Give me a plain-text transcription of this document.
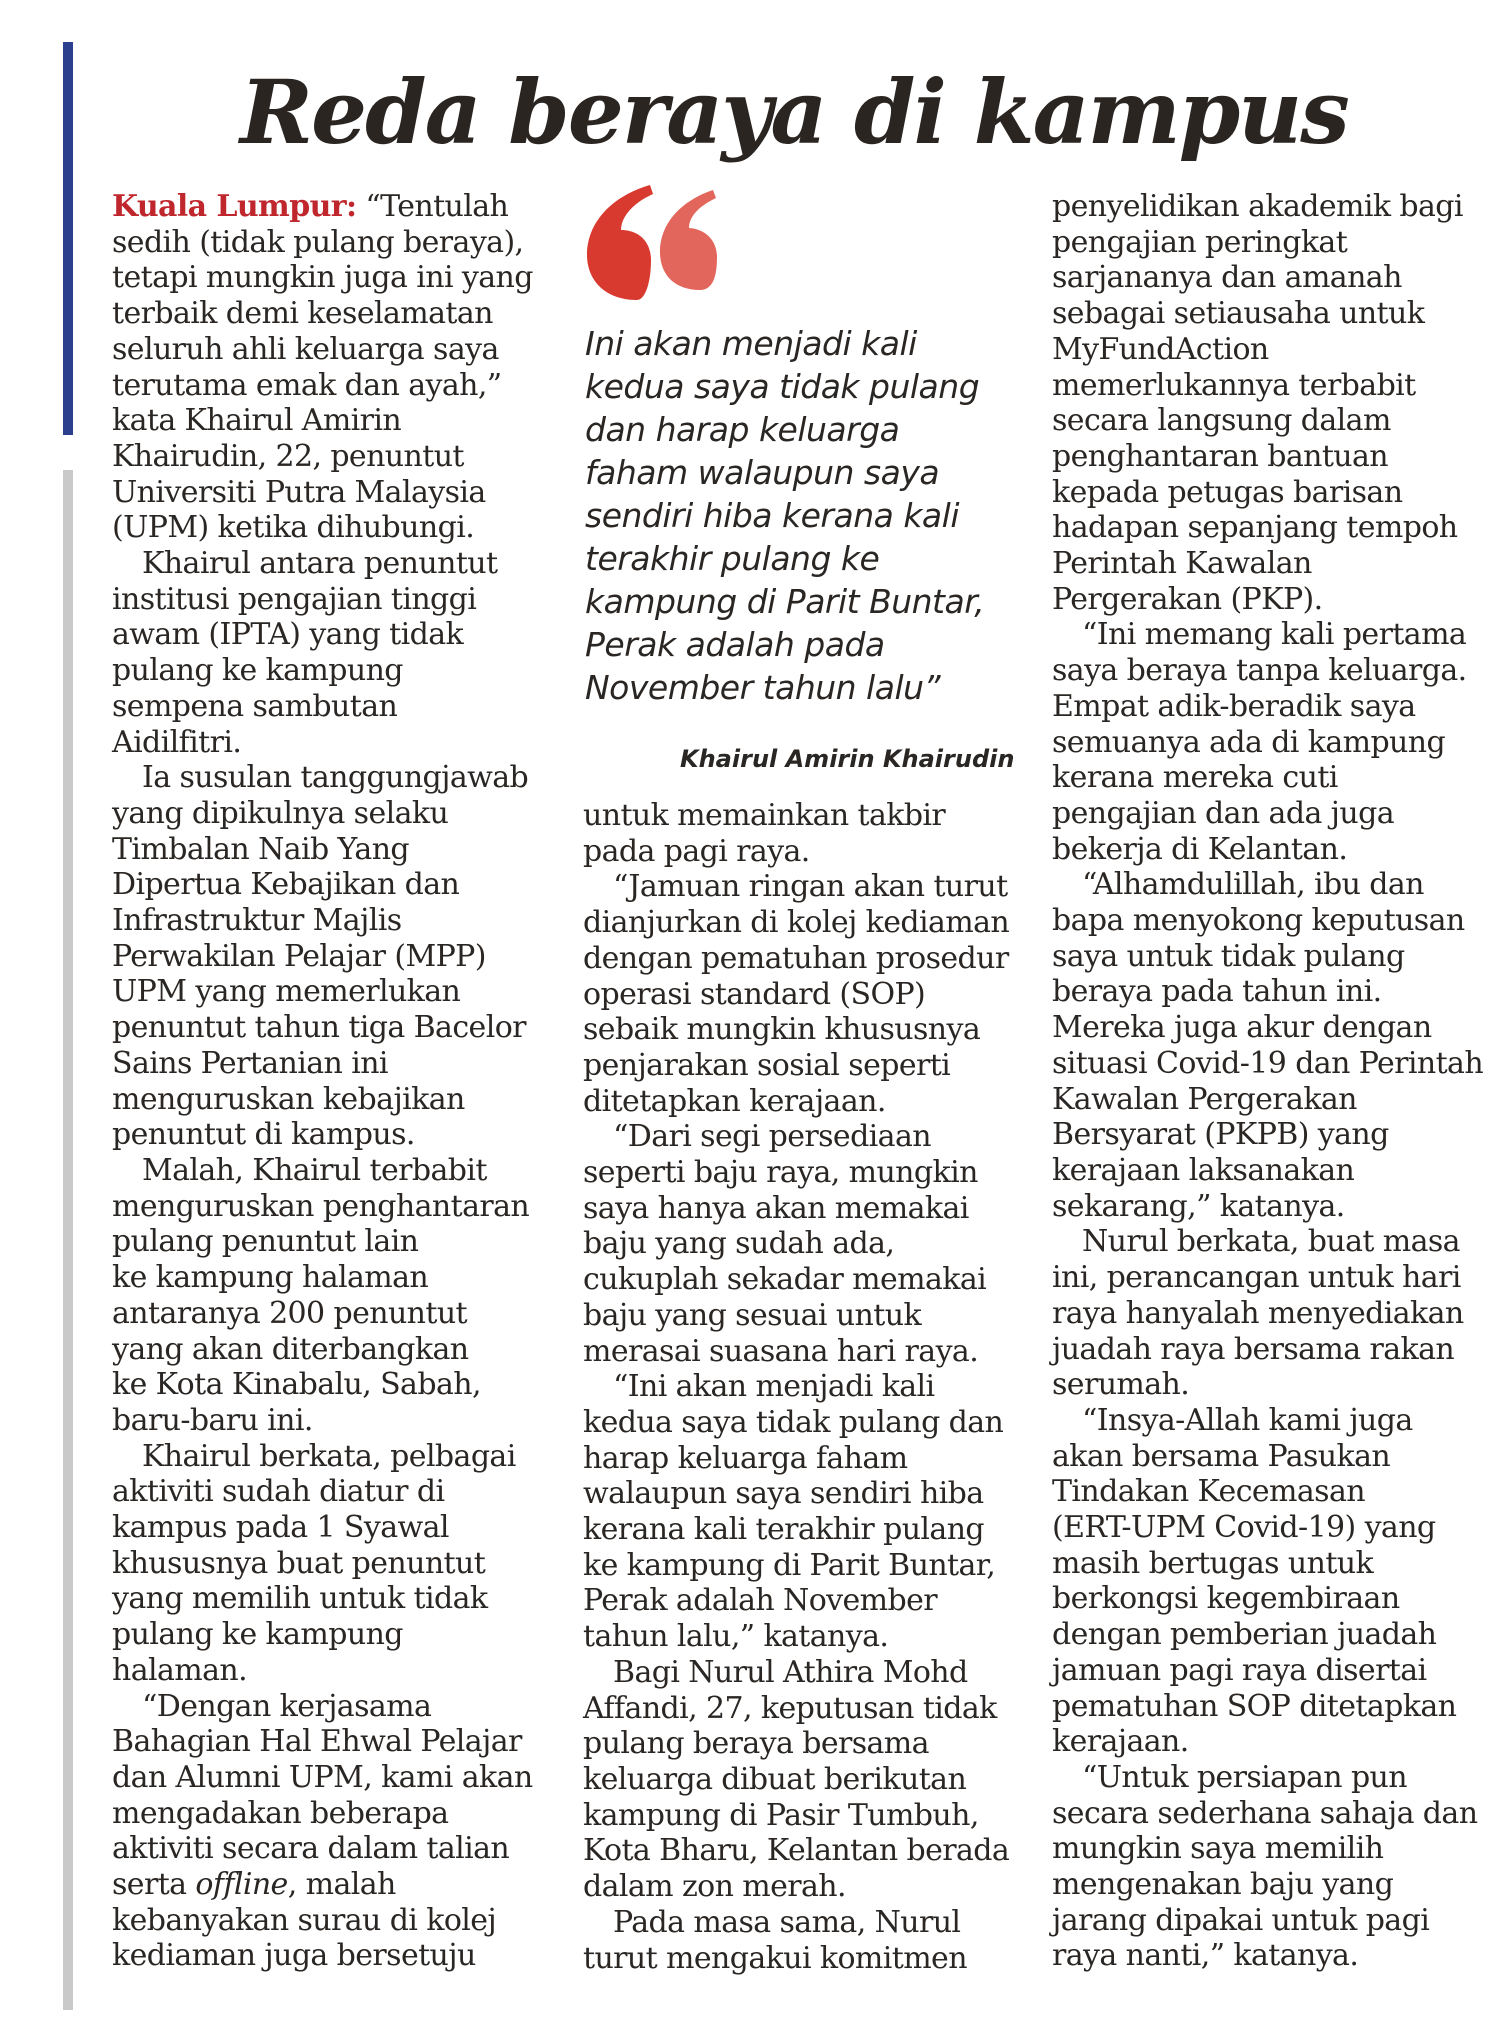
Reda beraya di kampus
Ini akan menjadi kali
kedua saya tidak pulang
dan harap keluarga
faham walaupun saya
sendiri hiba kerana kali
terakhir pulang ke
kampung di Parit Buntar,
Perak adalah pada
November tahun lalu”
Khairul Amirin Khairudin

Kuala Lumpur: “Tentulah
sedih (tidak pulang beraya),
tetapi mungkin juga ini yang
terbaik demi keselamatan
seluruh ahli keluarga saya
terutama emak dan ayah,”
kata Khairul Amirin
Khairudin, 22, penuntut
Universiti Putra Malaysia
(UPM) ketika dihubungi.

Khairul antara penuntut
institusi pengajian tinggi
awam (IPTA) yang tidak
pulang ke kampung
sempena sambutan
Aidilfitri.

Ia susulan tanggungjawab
yang dipikulnya selaku
Timbalan Naib Yang
Dipertua Kebajikan dan
Infrastruktur Majlis
Perwakilan Pelajar (MPP)
UPM yang memerlukan
penuntut tahun tiga Bacelor
Sains Pertanian ini
menguruskan kebajikan
penuntut di kampus.

Malah, Khairul terbabit
menguruskan penghantaran
pulang penuntut lain
ke kampung halaman
antaranya 200 penuntut
yang akan diterbangkan
ke Kota Kinabalu, Sabah,
baru-baru ini.

Khairul berkata, pelbagai
aktiviti sudah diatur di
kampus pada 1 Syawal
khususnya buat penuntut
yang memilih untuk tidak
pulang ke kampung
halaman.

“Dengan kerjasama
Bahagian Hal Ehwal Pelajar
dan Alumni UPM, kami akan
mengadakan beberapa
aktiviti secara dalam talian
serta offline, malah
kebanyakan surau di kolej
kediaman juga bersetuju

untuk memainkan takbir
pada pagi raya.

“Jamuan ringan akan turut
dianjurkan di kolej kediaman
dengan pematuhan prosedur
operasi standard (SOP)
sebaik mungkin khususnya
penjarakan sosial seperti
ditetapkan kerajaan.

“Dari segi persediaan
seperti baju raya, mungkin
saya hanya akan memakai
baju yang sudah ada,
cukuplah sekadar memakai
baju yang sesuai untuk
merasai suasana hari raya.

“Ini akan menjadi kali
kedua saya tidak pulang dan
harap keluarga faham
walaupun saya sendiri hiba
kerana kali terakhir pulang
ke kampung di Parit Buntar,
Perak adalah November
tahun lalu,” katanya.

Bagi Nurul Athira Mohd
Affandi, 27, keputusan tidak
pulang beraya bersama
keluarga dibuat berikutan
kampung di Pasir Tumbuh,
Kota Bharu, Kelantan berada
dalam zon merah.

Pada masa sama, Nurul
turut mengakui komitmen

penyelidikan akademik bagi
pengajian peringkat
sarjananya dan amanah
sebagai setiausaha untuk
MyFundAction
memerlukannya terbabit
secara langsung dalam
penghantaran bantuan
kepada petugas barisan
hadapan sepanjang tempoh
Perintah Kawalan
Pergerakan (PKP).

“Ini memang kali pertama
saya beraya tanpa keluarga.
Empat adik-beradik saya
semuanya ada di kampung
kerana mereka cuti
pengajian dan ada juga
bekerja di Kelantan.

“Alhamdulillah, ibu dan
bapa menyokong keputusan
saya untuk tidak pulang
beraya pada tahun ini.
Mereka juga akur dengan
situasi Covid-19 dan Perintah
Kawalan Pergerakan
Bersyarat (PKPB) yang
kerajaan laksanakan
sekarang,” katanya.

Nurul berkata, buat masa
ini, perancangan untuk hari
raya hanyalah menyediakan
juadah raya bersama rakan
serumah.

“Insya-Allah kami juga
akan bersama Pasukan
Tindakan Kecemasan
(ERT-UPM Covid-19) yang
masih bertugas untuk
berkongsi kegembiraan
dengan pemberian juadah
jamuan pagi raya disertai
pematuhan SOP ditetapkan
kerajaan.

“Untuk persiapan pun
secara sederhana sahaja dan
mungkin saya memilih
mengenakan baju yang
jarang dipakai untuk pagi
raya nanti,” katanya.
